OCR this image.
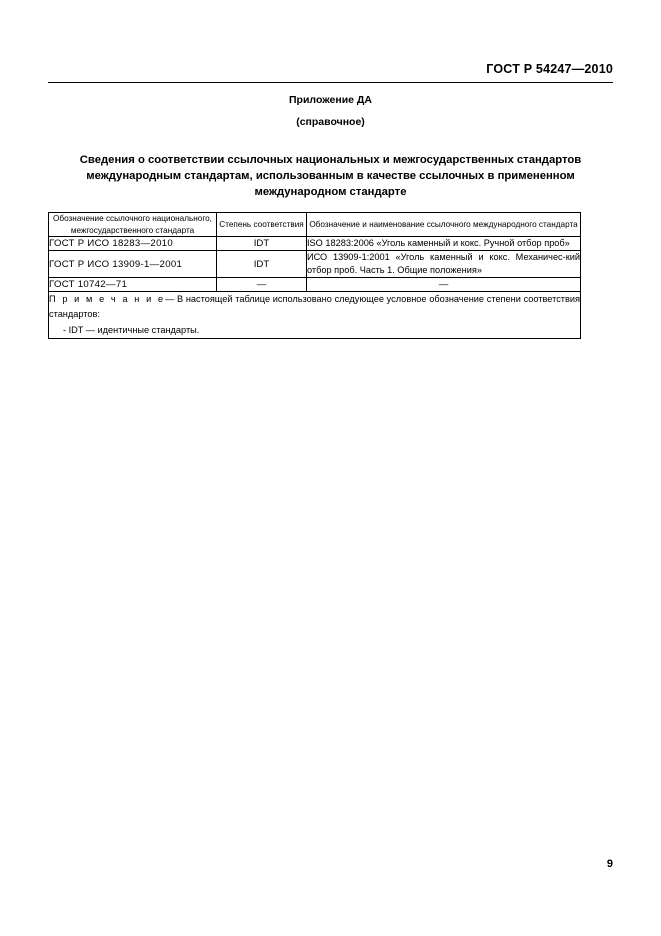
ГОСТ Р 54247—2010
Приложение ДА
(справочное)
Сведения о соответствии ссылочных национальных и межгосударственных стандартов
международным стандартам, использованным в качестве ссылочных в примененном
международном стандарте
Обозначение ссылочного национального, межгосударственного стандарта	Степень соответствия	Обозначение и наименование ссылочного международного стандарта
ГОСТ Р ИСО 18283—2010	IDT	ISO 18283:2006 «Уголь каменный и кокс. Ручной отбор проб»
ГОСТ Р ИСО 13909-1—2001	IDT	ИСО 13909-1:2001 «Уголь каменный и кокс. Механичес-кий отбор проб. Часть 1. Общие положения»
ГОСТ 10742—71	—	—
П р и м е ч а н и е— В настоящей таблице использовано следующее условное обозначение степени соответствия стандартов:
- IDT — идентичные стандарты.		
9
